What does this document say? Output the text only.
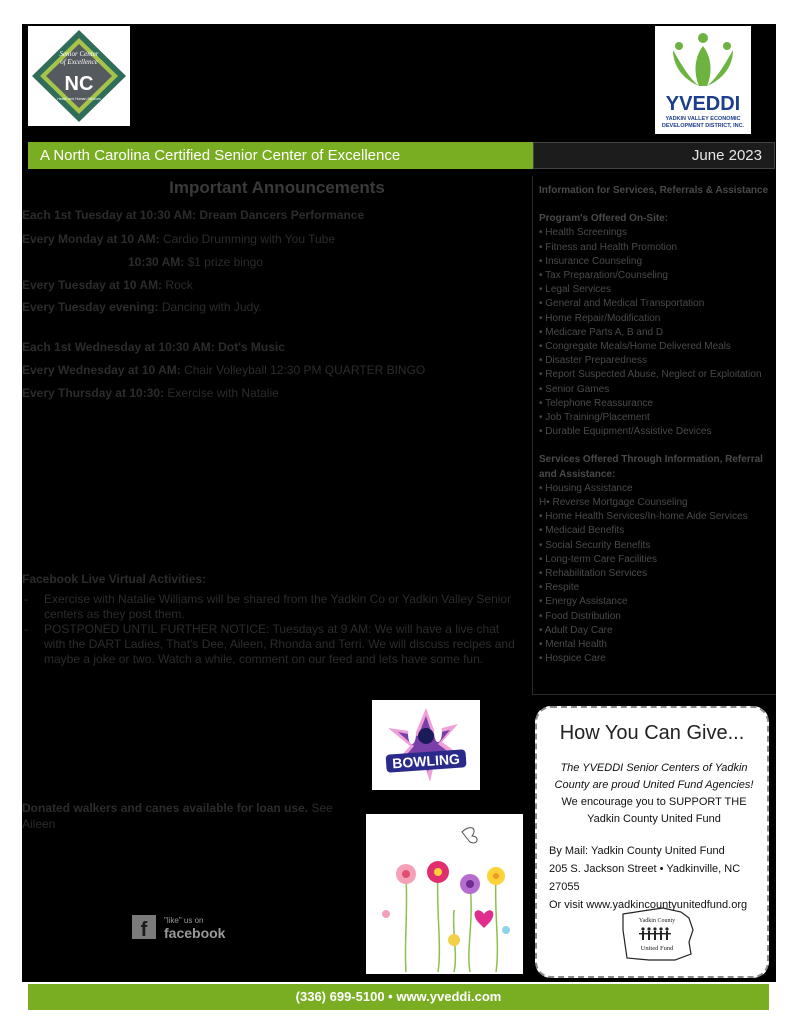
Senior Center
of Excellence
NC
Health and Human Services	YVEDDI
YADKIN VALLEY ECONOMIC
DEVELOPMENT DISTRICT, INC.
A North Carolina Certified Senior Center of Excellence	June 2023
Important Announcements
Each 1st Tuesday at 10:30 AM: Dream Dancers Performance
Every Monday at 10 AM: Cardio Drumming with You Tube
10:30 AM: $1 prize bingo
Every Tuesday at 10 AM: Rock
Every Tuesday evening: Dancing with Judy.
Each 1st Wednesday at 10:30 AM: Dot's Music
Every Wednesday at 10 AM: Chair Volleyball 12:30 PM QUARTER BINGO
Every Thursday at 10:30: Exercise with Natalie
Facebook Live Virtual Activities:
- Exercise with Natalie Williams will be shared from the Yadkin Co or Yadkin Valley Senior centers as they post them.
- POSTPONED UNTIL FURTHER NOTICE: Tuesdays at 9 AM: We will have a live chat with the DART Ladies, That's Dee, Aileen, Rhonda and Terri. We will discuss recipes and maybe a joke or two. Watch a while, comment on our feed and lets have some fun.
Donated walkers and canes available for loan use. See Aileen
Information for Services, Referrals & Assistance
Program's Offered On-Site:
• Health Screenings
• Fitness and Health Promotion
• Insurance Counseling
• Tax Preparation/Counseling
• Legal Services
• General and Medical Transportation
• Home Repair/Modification
• Medicare Parts A, B and D
• Congregate Meals/Home Delivered Meals
• Disaster Preparedness
• Report Suspected Abuse, Neglect or Exploitation
• Senior Games
• Telephone Reassurance
• Job Training/Placement
• Durable Equipment/Assistive Devices
Services Offered Through Information, Referral and Assistance:
• Housing Assistance
H• Reverse Mortgage Counseling
• Home Health Services/In-home Aide Services
• Medicaid Benefits
• Social Security Benefits
• Long-term Care Facilities
• Rehabilitation Services
• Respite
• Energy Assistance
• Food Distribution
• Adult Day Care
• Mental Health
• Hospice Care
BOWLING
f "like" us on
facebook
How You Can Give...
The YVEDDI Senior Centers of Yadkin County are proud United Fund Agencies!
We encourage you to SUPPORT THE Yadkin County United Fund
By Mail: Yadkin County United Fund
205 S. Jackson Street • Yadkinville, NC 27055
Or visit www.yadkincountyunitedfund.org
Yadkin County
United Fund
(336) 699-5100 • www.yveddi.com
